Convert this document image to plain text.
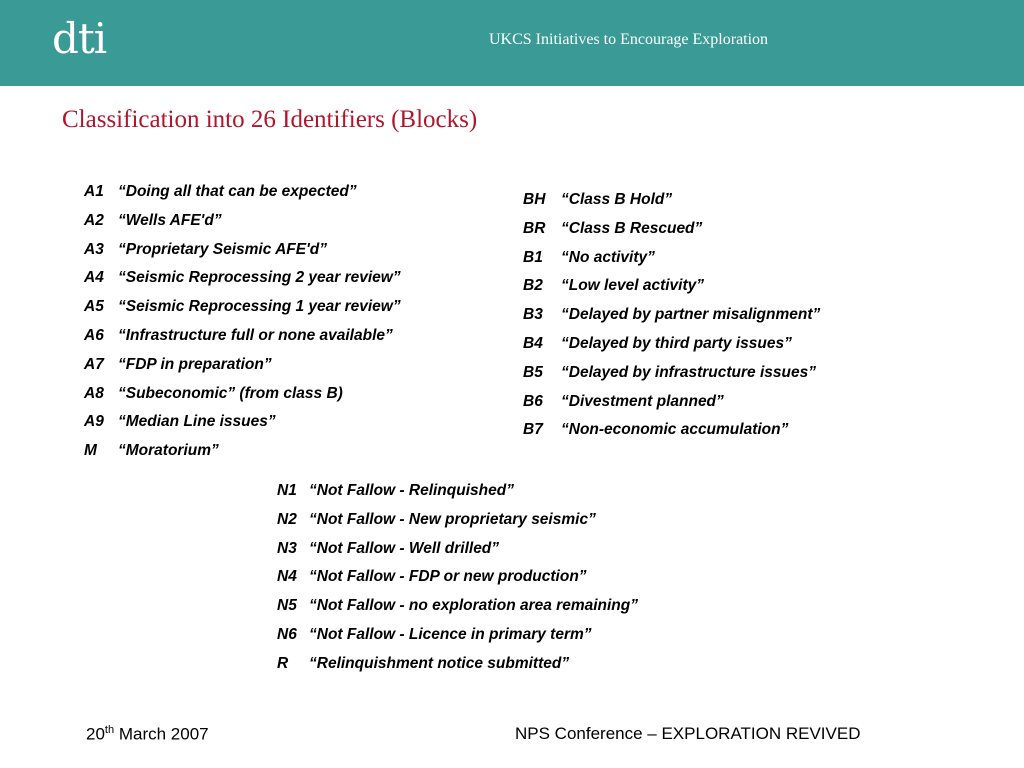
dti	UKCS Initiatives to Encourage Exploration
Classification into 26 Identifiers (Blocks)
A1 “Doing all that can be expected”
A2 “Wells AFE'd”
A3 “Proprietary Seismic AFE'd”
A4 “Seismic Reprocessing 2 year review”
A5 “Seismic Reprocessing 1 year review”
A6 “Infrastructure full or none available”
A7 “FDP in preparation”
A8 “Subeconomic” (from class B)
A9 “Median Line issues”
M “Moratorium”
BH “Class B Hold”
BR “Class B Rescued”
B1 “No activity”
B2 “Low level activity”
B3 “Delayed by partner misalignment”
B4 “Delayed by third party issues”
B5 “Delayed by infrastructure issues”
B6 “Divestment planned”
B7 “Non-economic accumulation”
N1 “Not Fallow - Relinquished”
N2 “Not Fallow - New proprietary seismic”
N3 “Not Fallow - Well drilled”
N4 “Not Fallow - FDP or new production”
N5 “Not Fallow - no exploration area remaining”
N6 “Not Fallow - Licence in primary term”
R “Relinquishment notice submitted”
20th March 2007	NPS Conference – EXPLORATION REVIVED
